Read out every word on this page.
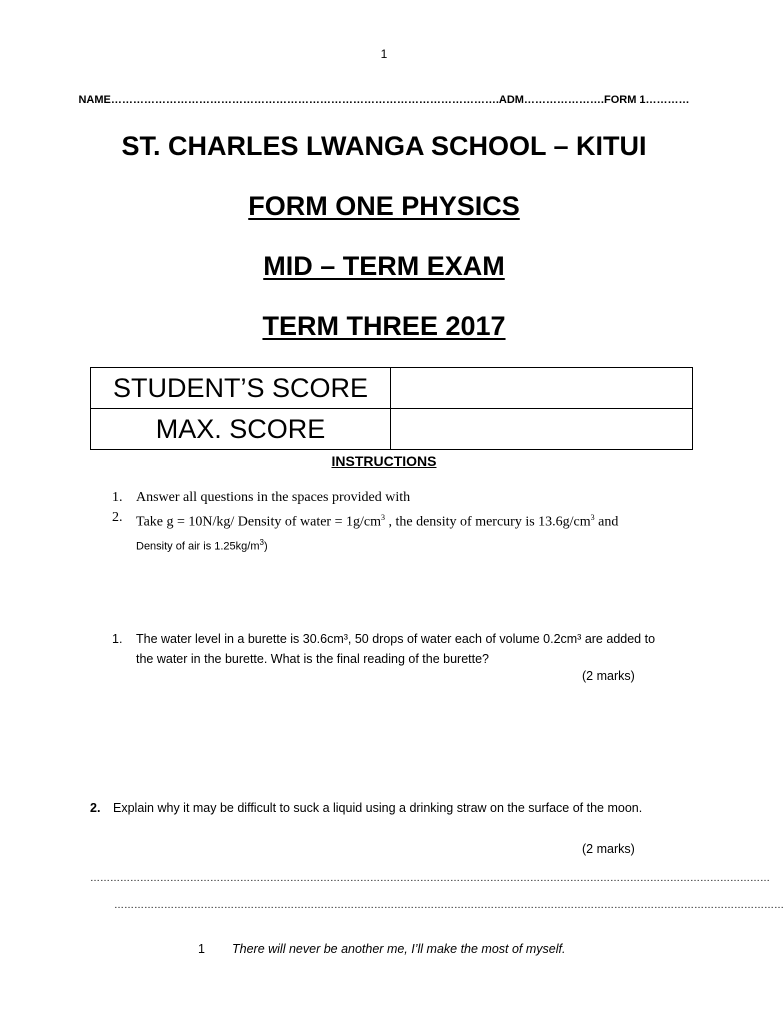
1
NAME…………………………………………………………………………………………….ADM………………….FORM 1…………
ST. CHARLES LWANGA SCHOOL – KITUI
FORM ONE PHYSICS
MID – TERM EXAM
TERM THREE 2017
STUDENT’S SCORE	
MAX. SCORE	
INSTRUCTIONS
1. Answer all questions in the spaces provided with
2. Take g = 10N/kg/ Density of water = $1g/cm^3$ , the density of mercury is $13.6g/cm^3$ and
Density of air is $1.25kg/m^3$)
1.	The water level in a burette is 30.6cm³, 50 drops of water each of volume 0.2cm³ are added to
the water in the burette. What is the final reading of the burette?
(2 marks)
2. Explain why it may be difficult to suck a liquid using a drinking straw on the surface of the moon.
(2 marks)
……………………………………………………………………………………………………………………………………………………………………………………
…………………………………………………………………………………………………………………………………………………………………………………
1 There will never be another me, I’ll make the most of myself.
